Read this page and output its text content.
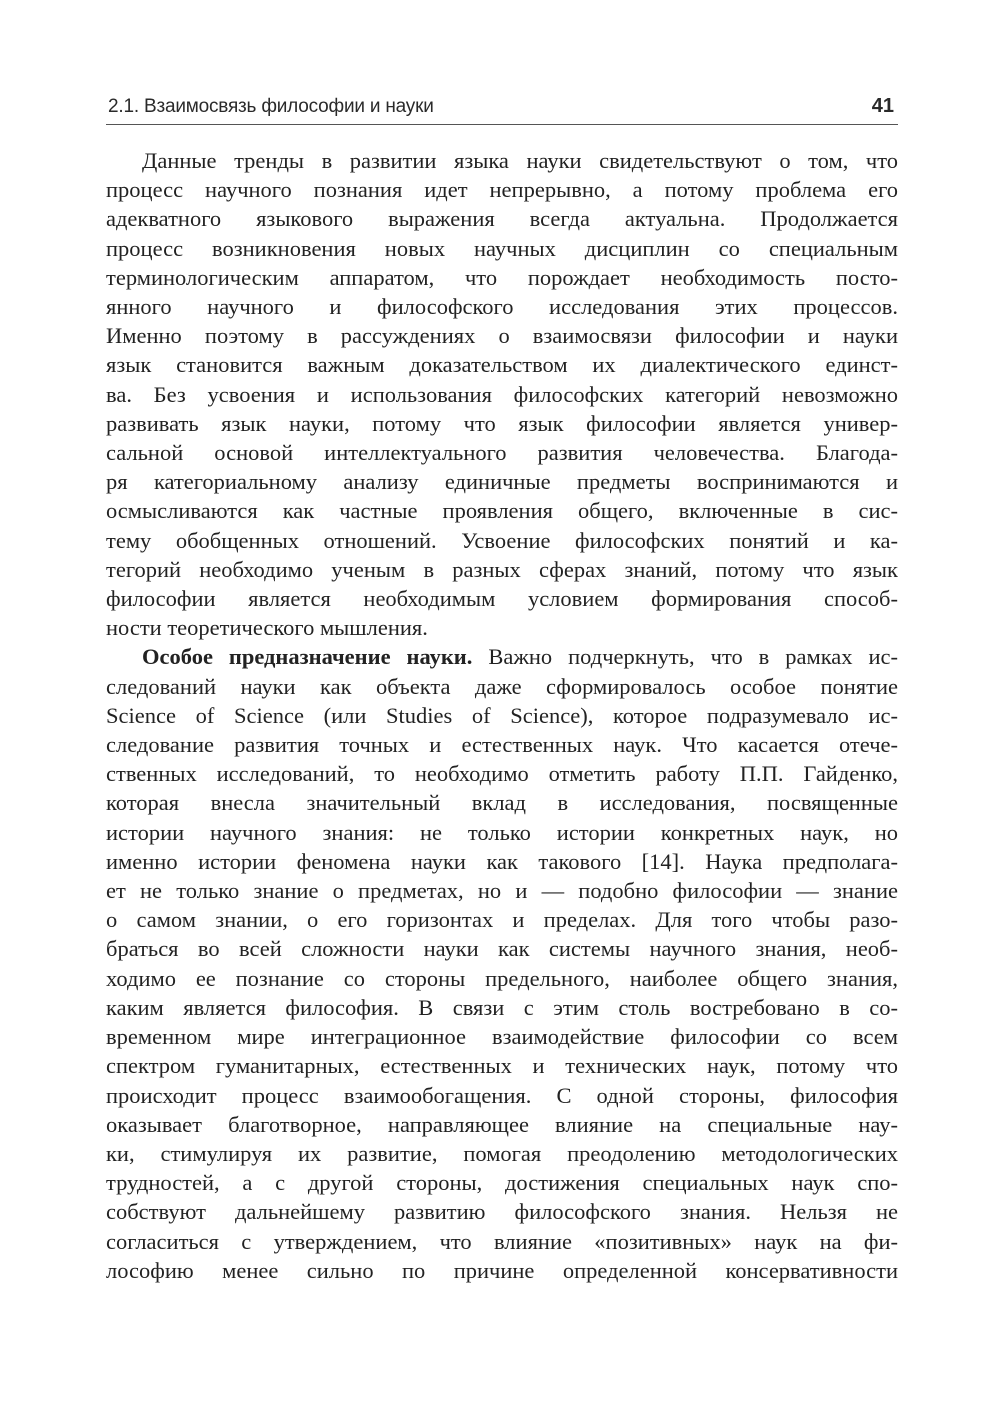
2.1. Взаимосвязь философии и науки	41
Данные тренды в развитии языка науки свидетельствуют о том, что
процесс научного познания идет непрерывно, а потому проблема его
адекватного языкового выражения всегда актуальна. Продолжается
процесс возникновения новых научных дисциплин со специальным
терминологическим аппаратом, что порождает необходимость посто-
янного научного и философского исследования этих процессов.
Именно поэтому в рассуждениях о взаимосвязи философии и науки
язык становится важным доказательством их диалектического единст-
ва. Без усвоения и использования философских категорий невозможно
развивать язык науки, потому что язык философии является универ-
сальной основой интеллектуального развития человечества. Благода-
ря категориальному анализу единичные предметы воспринимаются и
осмысливаются как частные проявления общего, включенные в сис-
тему обобщенных отношений. Усвоение философских понятий и ка-
тегорий необходимо ученым в разных сферах знаний, потому что язык
философии является необходимым условием формирования способ-
ности теоретического мышления.
Особое предназначение науки. Важно подчеркнуть, что в рамках ис-
следований науки как объекта даже сформировалось особое понятие
Science of Science (или Studies of Science), которое подразумевало ис-
следование развития точных и естественных наук. Что касается отече-
ственных исследований, то необходимо отметить работу П.П. Гайденко,
которая внесла значительный вклад в исследования, посвященные
истории научного знания: не только истории конкретных наук, но
именно истории феномена науки как такового [14]. Наука предполага-
ет не только знание о предметах, но и — подобно философии — знание
о самом знании, о его горизонтах и пределах. Для того чтобы разо-
браться во всей сложности науки как системы научного знания, необ-
ходимо ее познание со стороны предельного, наиболее общего знания,
каким является философия. В связи с этим столь востребовано в со-
временном мире интеграционное взаимодействие философии со всем
спектром гуманитарных, естественных и технических наук, потому что
происходит процесс взаимообогащения. С одной стороны, философия
оказывает благотворное, направляющее влияние на специальные нау-
ки, стимулируя их развитие, помогая преодолению методологических
трудностей, а с другой стороны, достижения специальных наук спо-
собствуют дальнейшему развитию философского знания. Нельзя не
согласиться с утверждением, что влияние «позитивных» наук на фи-
лософию менее сильно по причине определенной консервативности
